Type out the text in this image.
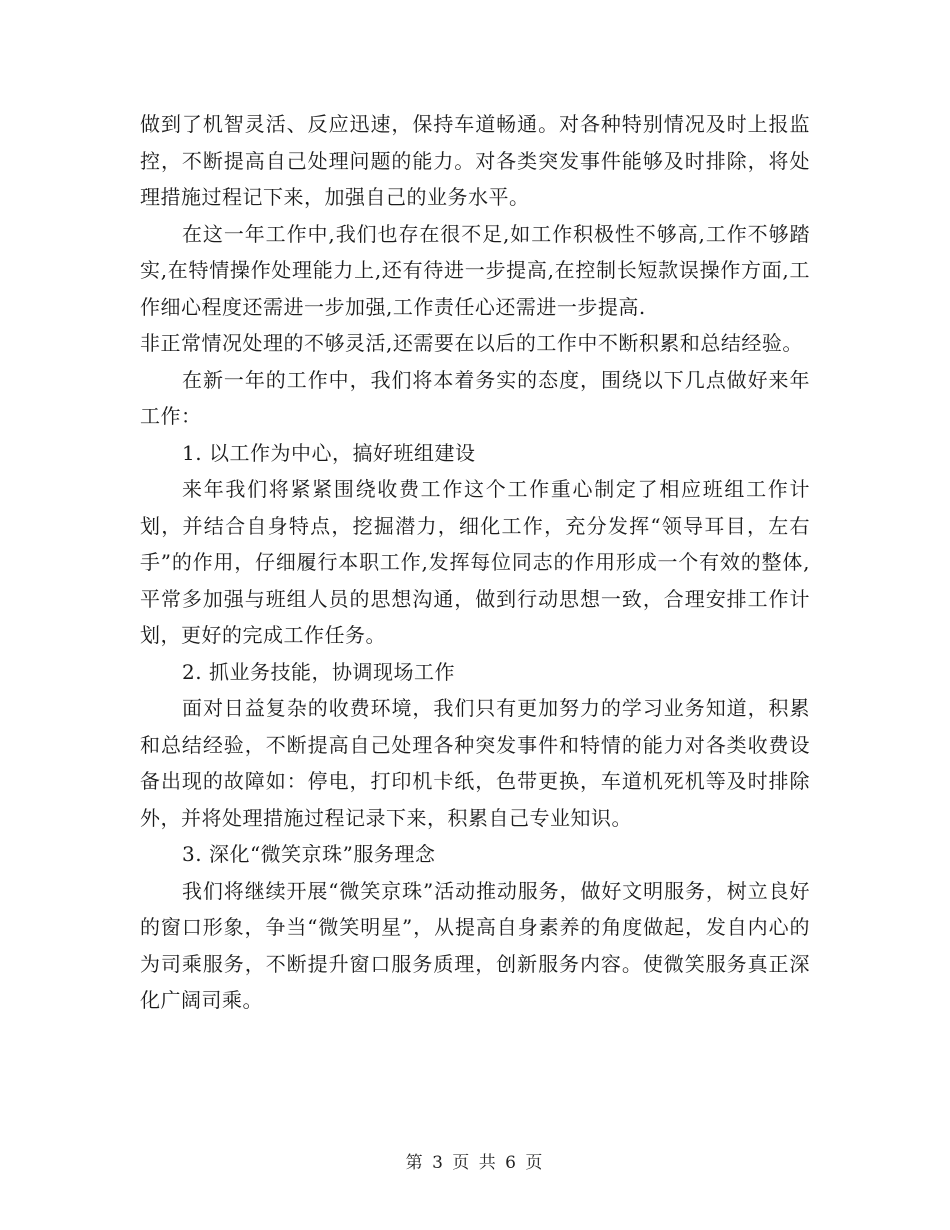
做到了机智灵活、反应迅速，保持车道畅通。对各种特别情况及时上报监控，不断提高自己处理问题的能力。对各类突发事件能够及时排除，将处理措施过程记下来，加强自己的业务水平。

在这一年工作中,我们也存在很不足,如工作积极性不够高,工作不够踏实,在特情操作处理能力上,还有待进一步提高,在控制长短款误操作方面,工作细心程度还需进一步加强,工作责任心还需进一步提高.

非正常情况处理的不够灵活,还需要在以后的工作中不断积累和总结经验。

在新一年的工作中，我们将本着务实的态度，围绕以下几点做好来年工作：

1. 以工作为中心，搞好班组建设

来年我们将紧紧围绕收费工作这个工作重心制定了相应班组工作计划，并结合自身特点，挖掘潜力，细化工作，充分发挥“领导耳目，左右手”的作用，仔细履行本职工作,发挥每位同志的作用形成一个有效的整体,平常多加强与班组人员的思想沟通，做到行动思想一致，合理安排工作计划，更好的完成工作任务。

2. 抓业务技能，协调现场工作

面对日益复杂的收费环境，我们只有更加努力的学习业务知道，积累和总结经验，不断提高自己处理各种突发事件和特情的能力对各类收费设备出现的故障如：停电，打印机卡纸，色带更换，车道机死机等及时排除外，并将处理措施过程记录下来，积累自己专业知识。

3. 深化“微笑京珠”服务理念

我们将继续开展“微笑京珠”活动推动服务，做好文明服务，树立良好的窗口形象，争当“微笑明星”，从提高自身素养的角度做起，发自内心的为司乘服务，不断提升窗口服务质理，创新服务内容。使微笑服务真正深化广阔司乘。

第 3 页 共 6 页
